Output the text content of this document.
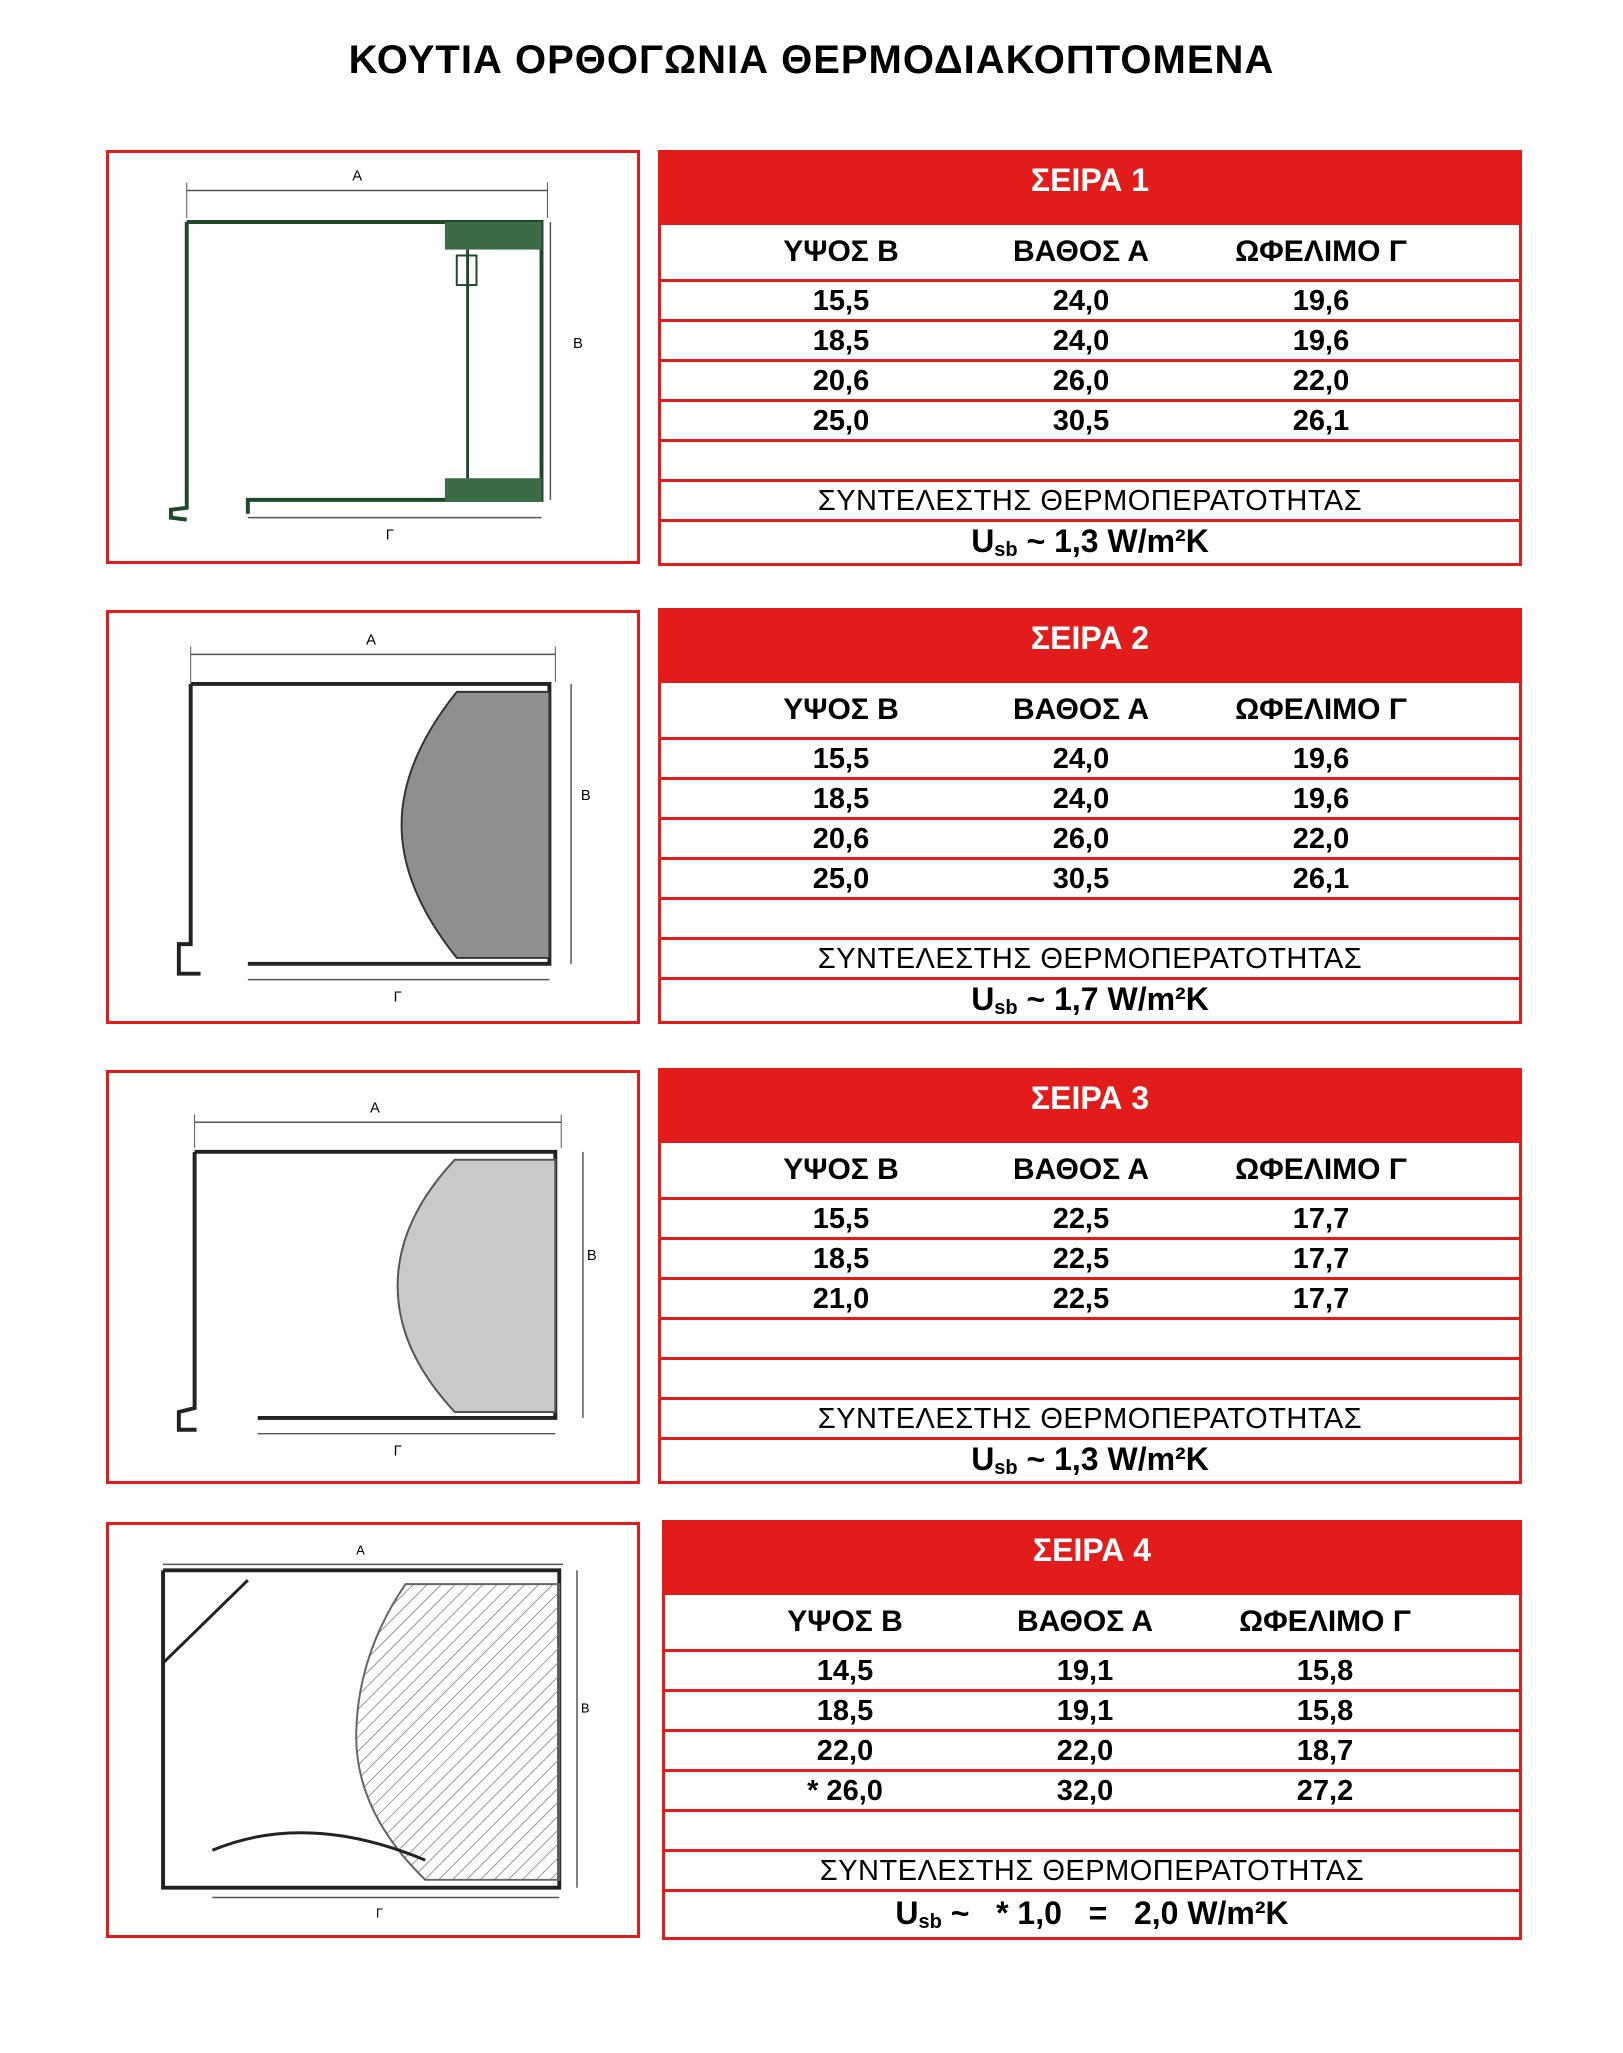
ΚΟΥΤΙΑ ΟΡΘΟΓΩΝΙΑ ΘΕΡΜΟΔΙΑΚΟΠΤΟΜΕΝΑ
A
B
Γ
ΣΕΙΡΑ 1
ΥΨΟΣ Β	ΒΑΘΟΣ Α	ΩΦΕΛΙΜΟ Γ
15,5	24,0	19,6
18,5	24,0	19,6
20,6	26,0	22,0
25,0	30,5	26,1
ΣΥΝΤΕΛΕΣΤΗΣ ΘΕΡΜΟΠΕΡΑΤΟΤΗΤΑΣ
$U_{sb}$ ~ 1,3 W/m²K
A
B
Γ
ΣΕΙΡΑ 2
ΥΨΟΣ Β	ΒΑΘΟΣ Α	ΩΦΕΛΙΜΟ Γ
15,5	24,0	19,6
18,5	24,0	19,6
20,6	26,0	22,0
25,0	30,5	26,1
ΣΥΝΤΕΛΕΣΤΗΣ ΘΕΡΜΟΠΕΡΑΤΟΤΗΤΑΣ
$U_{sb}$ ~ 1,7 W/m²K
A
B
Γ
ΣΕΙΡΑ 3
ΥΨΟΣ Β	ΒΑΘΟΣ Α	ΩΦΕΛΙΜΟ Γ
15,5	22,5	17,7
18,5	22,5	17,7
21,0	22,5	17,7
ΣΥΝΤΕΛΕΣΤΗΣ ΘΕΡΜΟΠΕΡΑΤΟΤΗΤΑΣ
$U_{sb}$ ~ 1,3 W/m²K
A
B
Γ
ΣΕΙΡΑ 4
ΥΨΟΣ Β	ΒΑΘΟΣ Α	ΩΦΕΛΙΜΟ Γ
14,5	19,1	15,8
18,5	19,1	15,8
22,0	22,0	18,7
* 26,0	32,0	27,2
ΣΥΝΤΕΛΕΣΤΗΣ ΘΕΡΜΟΠΕΡΑΤΟΤΗΤΑΣ
$U_{sb}$ ~   * 1,0   =   2,0 W/m²K
